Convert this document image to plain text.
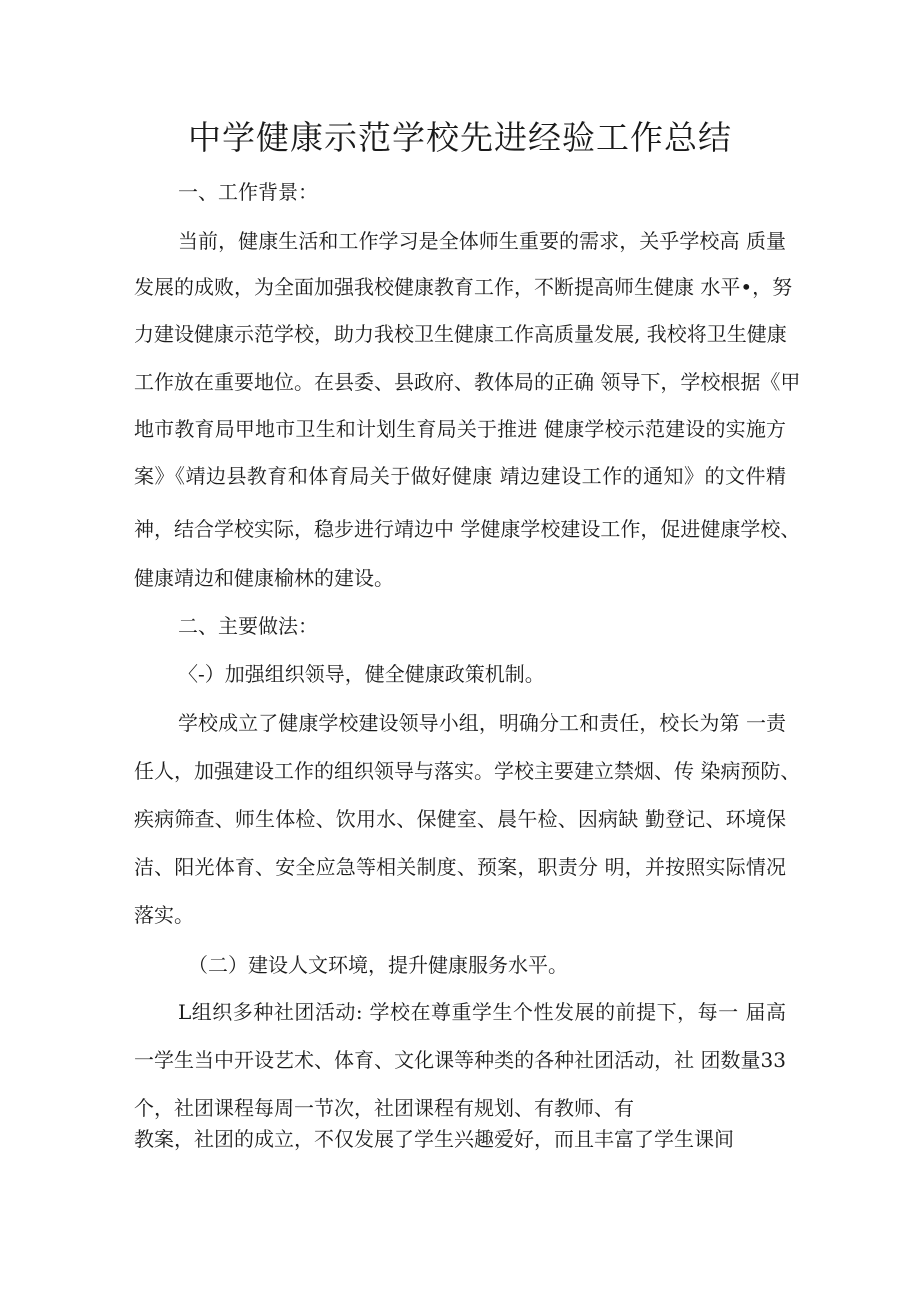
中学健康示范学校先进经验工作总结
一、工作背景：
当前，健康生活和工作学习是全体师生重要的需求，关乎学校高 质量
发展的成败，为全面加强我校健康教育工作，不断提高师生健康 水平•，努
力建设健康示范学校，助力我校卫生健康工作高质量发展, 我校将卫生健康
工作放在重要地位。在县委、县政府、教体局的正确 领导下，学校根据《甲
地市教育局甲地市卫生和计划生育局关于推进 健康学校示范建设的实施方
案》《靖边县教育和体育局关于做好健康 靖边建设工作的通知》的文件精
神，结合学校实际，稳步进行靖边中 学健康学校建设工作，促进健康学校、
健康靖边和健康榆林的建设。
二、主要做法：
〈-）加强组织领导，健全健康政策机制。
学校成立了健康学校建设领导小组，明确分工和责任，校长为第 一责
任人，加强建设工作的组织领导与落实。学校主要建立禁烟、传 染病预防、
疾病筛查、师生体检、饮用水、保健室、晨午检、因病缺 勤登记、环境保
洁、阳光体育、安全应急等相关制度、预案，职责分 明，并按照实际情况
落实。
（二）建设人文环境，提升健康服务水平。
L组织多种社团活动: 学校在尊重学生个性发展的前提下，每一 届高
一学生当中开设艺术、体育、文化课等种类的各种社团活动，社 团数量33
个，社团课程每周一节次，社团课程有规划、有教师、有
教案，社团的成立，不仅发展了学生兴趣爱好，而且丰富了学生课间
